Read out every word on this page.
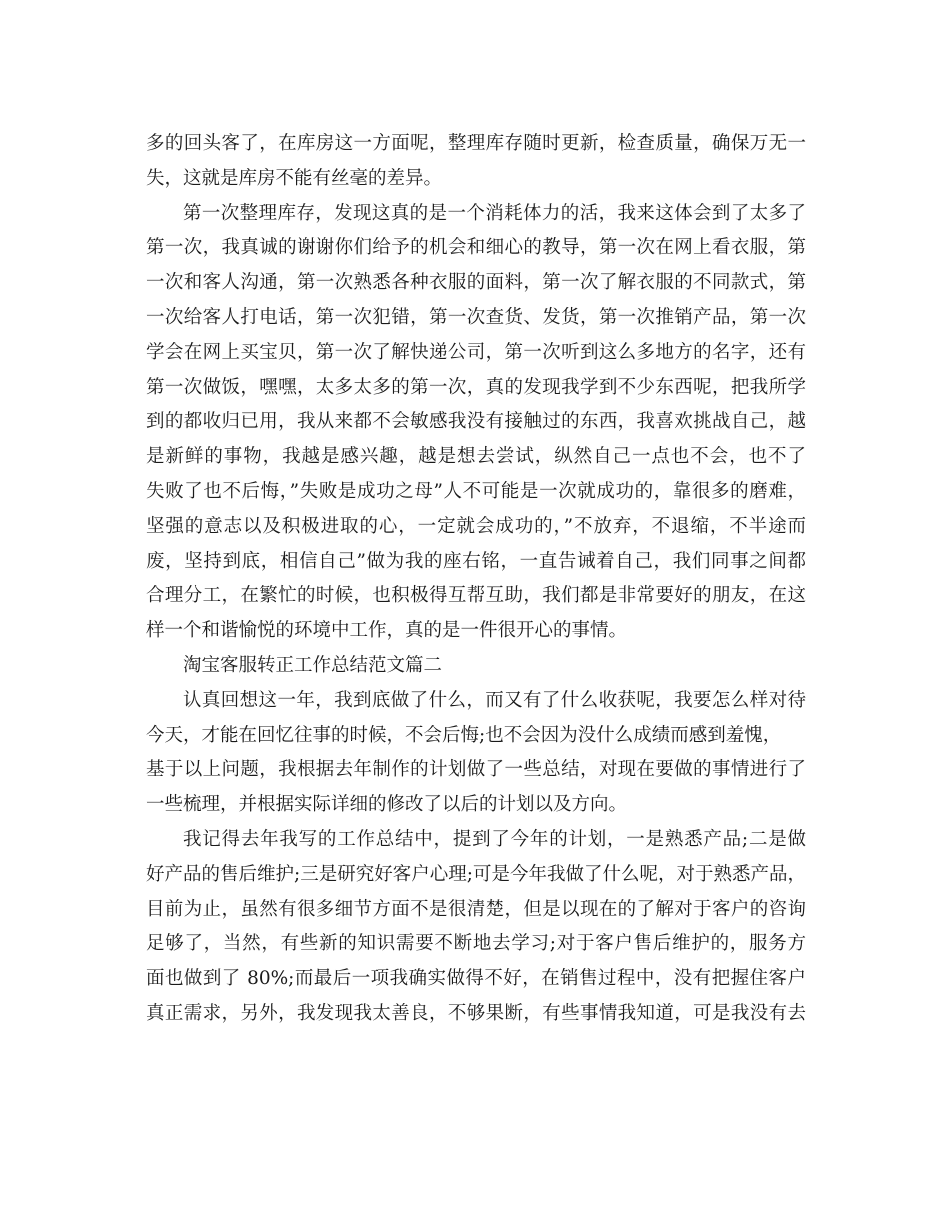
多的回头客了，在库房这一方面呢，整理库存随时更新，检查质量，确保万无一
失，这就是库房不能有丝毫的差异。
第一次整理库存，发现这真的是一个消耗体力的活，我来这体会到了太多了
第一次，我真诚的谢谢你们给予的机会和细心的教导，第一次在网上看衣服，第
一次和客人沟通，第一次熟悉各种衣服的面料，第一次了解衣服的不同款式，第
一次给客人打电话，第一次犯错，第一次查货、发货，第一次推销产品，第一次
学会在网上买宝贝，第一次了解快递公司，第一次听到这么多地方的名字，还有
第一次做饭，嘿嘿，太多太多的第一次，真的发现我学到不少东西呢，把我所学
到的都收归已用，我从来都不会敏感我没有接触过的东西，我喜欢挑战自己，越
是新鲜的事物，我越是感兴趣，越是想去尝试，纵然自己一点也不会，也不了
失败了也不后悔，”失败是成功之母”人不可能是一次就成功的，靠很多的磨难，
坚强的意志以及积极进取的心，一定就会成功的，”不放弃，不退缩，不半途而
废，坚持到底，相信自己”做为我的座右铭，一直告诫着自己，我们同事之间都
合理分工，在繁忙的时候，也积极得互帮互助，我们都是非常要好的朋友，在这
样一个和谐愉悦的环境中工作，真的是一件很开心的事情。
淘宝客服转正工作总结范文篇二
认真回想这一年，我到底做了什么，而又有了什么收获呢，我要怎么样对待
今天，才能在回忆往事的时候，不会后悔;也不会因为没什么成绩而感到羞愧，
基于以上问题，我根据去年制作的计划做了一些总结，对现在要做的事情进行了
一些梳理，并根据实际详细的修改了以后的计划以及方向。
我记得去年我写的工作总结中，提到了今年的计划，一是熟悉产品;二是做
好产品的售后维护;三是研究好客户心理;可是今年我做了什么呢，对于熟悉产品，
目前为止，虽然有很多细节方面不是很清楚，但是以现在的了解对于客户的咨询
足够了，当然，有些新的知识需要不断地去学习;对于客户售后维护的，服务方
面也做到了 80%;而最后一项我确实做得不好，在销售过程中，没有把握住客户
真正需求，另外，我发现我太善良，不够果断，有些事情我知道，可是我没有去
